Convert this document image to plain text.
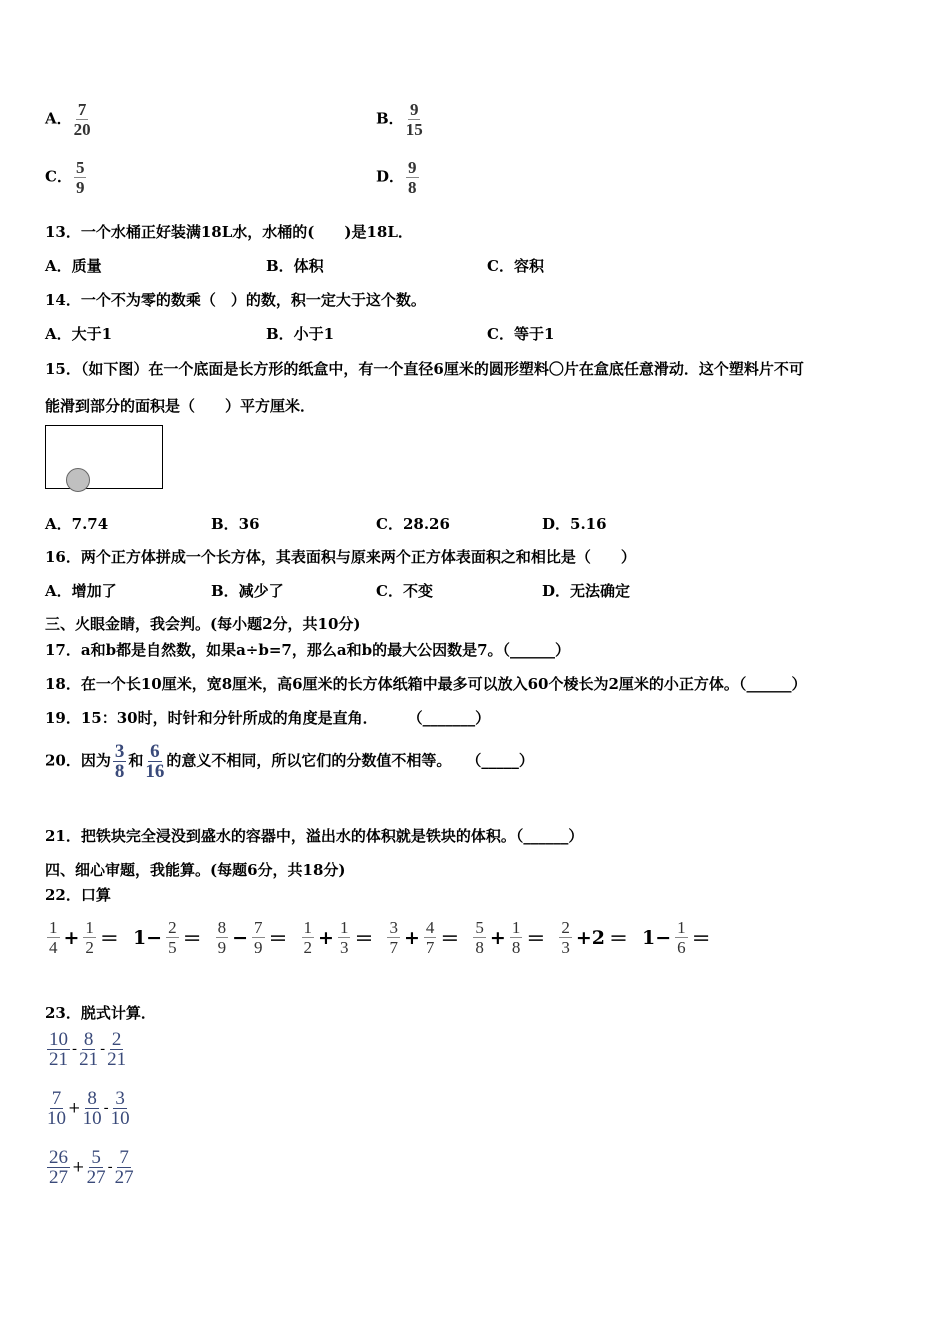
A． $\frac{7}{20}$	B． $\frac{9}{15}$
C． $\frac{5}{9}$	D． $\frac{9}{8}$
13．一个水桶正好装满18L水，水桶的(　　)是18L．
A．质量	B．体积	C．容积
14．一个不为零的数乘（　）的数，积一定大于这个数。
A．大于1	B．小于1	C．等于1
15．（如下图）在一个底面是长方形的纸盒中，有一个直径6厘米的圆形塑料〇片在盒底任意滑动．这个塑料片不可
能滑到部分的面积是（　　）平方厘米．
A．7.74	B．36	C．28.26	D．5.16
16．两个正方体拼成一个长方体，其表面积与原来两个正方体表面积之和相比是（　　）
A．增加了	B．减少了	C．不变	D．无法确定
三、火眼金睛，我会判。(每小题2分，共10分)
17．a和b都是自然数，如果a÷b=7，那么a和b的最大公因数是7。（______）
18．在一个长10厘米，宽8厘米，高6厘米的长方体纸箱中最多可以放入60个棱长为2厘米的小正方体。（______）
19．15：30时，时针和分针所成的角度是直角．　　　（_______）
20．因为 $\frac{3}{8}$ 和 $\frac{6}{16}$ 的意义不相同，所以它们的分数值不相等。　　（_____）
21．把铁块完全浸没到盛水的容器中，溢出水的体积就是铁块的体积。（______）
四、细心审题，我能算。(每题6分，共18分)
22．口算
$\frac{1}{4} + \frac{1}{2} = 1- \frac{2}{5} = \frac{8}{9} - \frac{7}{9} = \frac{1}{2} + \frac{1}{3} = \frac{3}{7} + \frac{4}{7} = \frac{5}{8} + \frac{1}{8} = \frac{2}{3} +2 = 1- \frac{1}{6}$ ＝
23．脱式计算．
$\frac{10}{21} - \frac{8}{21} - \frac{2}{21}$
$\frac{7}{10} + \frac{8}{10} - \frac{3}{10}$
$\frac{26}{27} + \frac{5}{27} - \frac{7}{27}$
